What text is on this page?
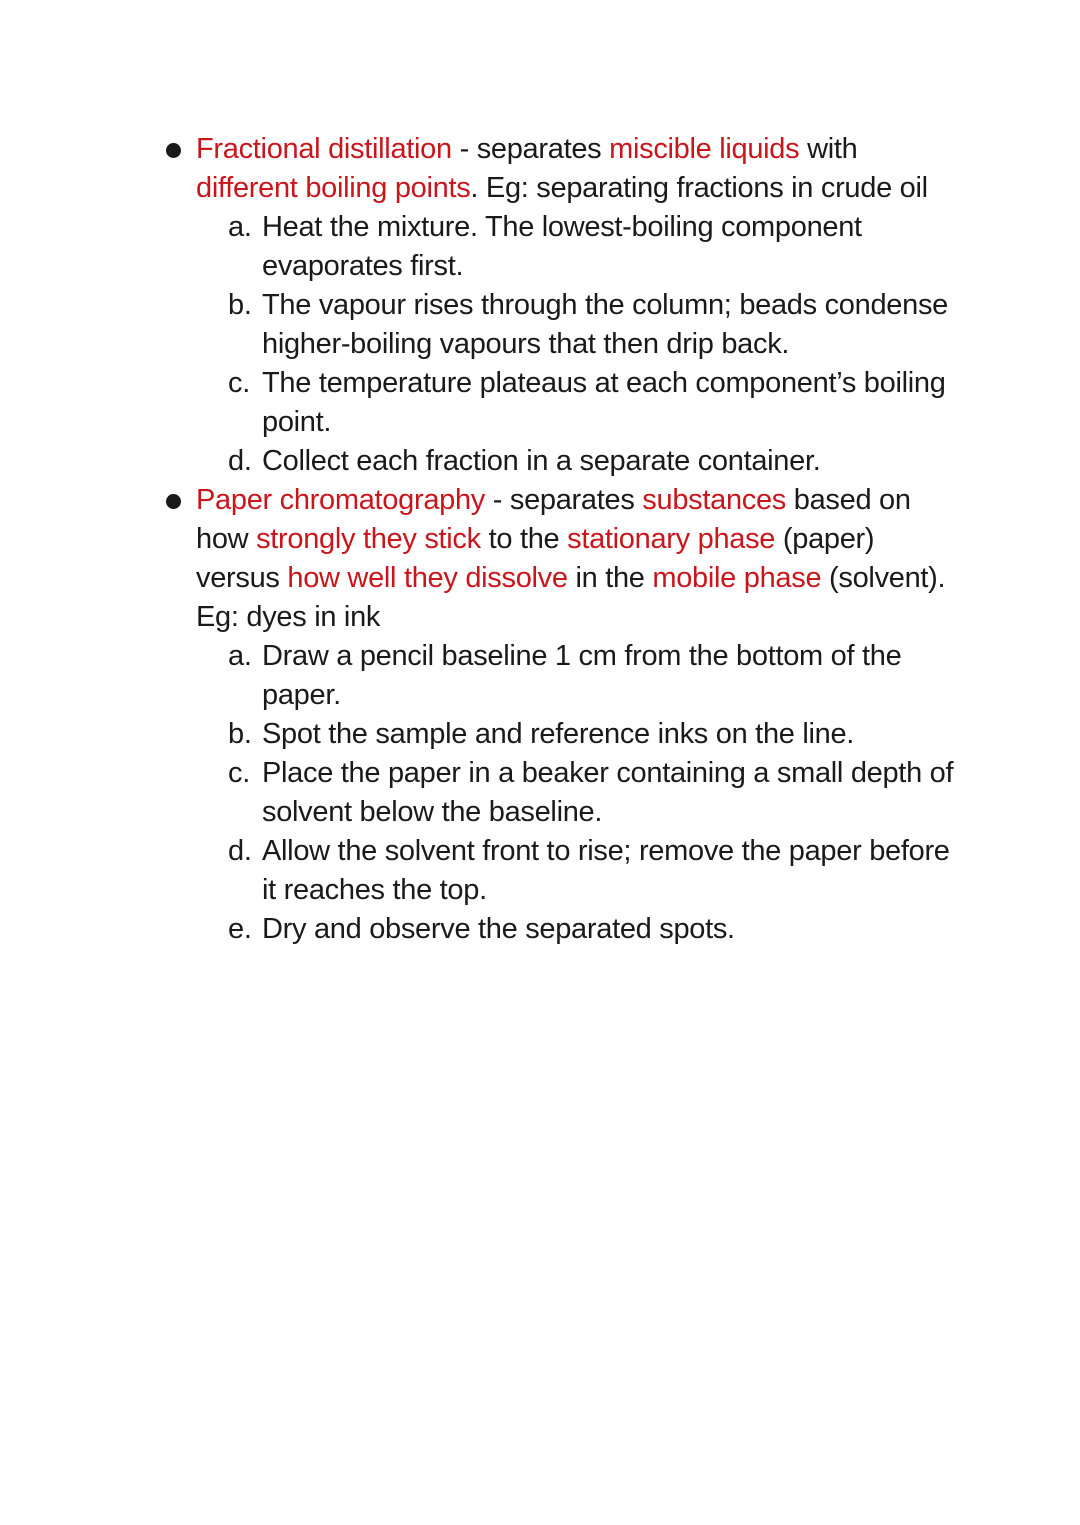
Fractional distillation - separates miscible liquids with different boiling points. Eg: separating fractions in crude oil
a. Heat the mixture. The lowest-boiling component evaporates first.
b. The vapour rises through the column; beads condense higher-boiling vapours that then drip back.
c. The temperature plateaus at each component’s boiling point.
d. Collect each fraction in a separate container.
Paper chromatography - separates substances based on how strongly they stick to the stationary phase (paper) versus how well they dissolve in the mobile phase (solvent). Eg: dyes in ink
a. Draw a pencil baseline 1 cm from the bottom of the paper.
b. Spot the sample and reference inks on the line.
c. Place the paper in a beaker containing a small depth of solvent below the baseline.
d. Allow the solvent front to rise; remove the paper before it reaches the top.
e. Dry and observe the separated spots.
